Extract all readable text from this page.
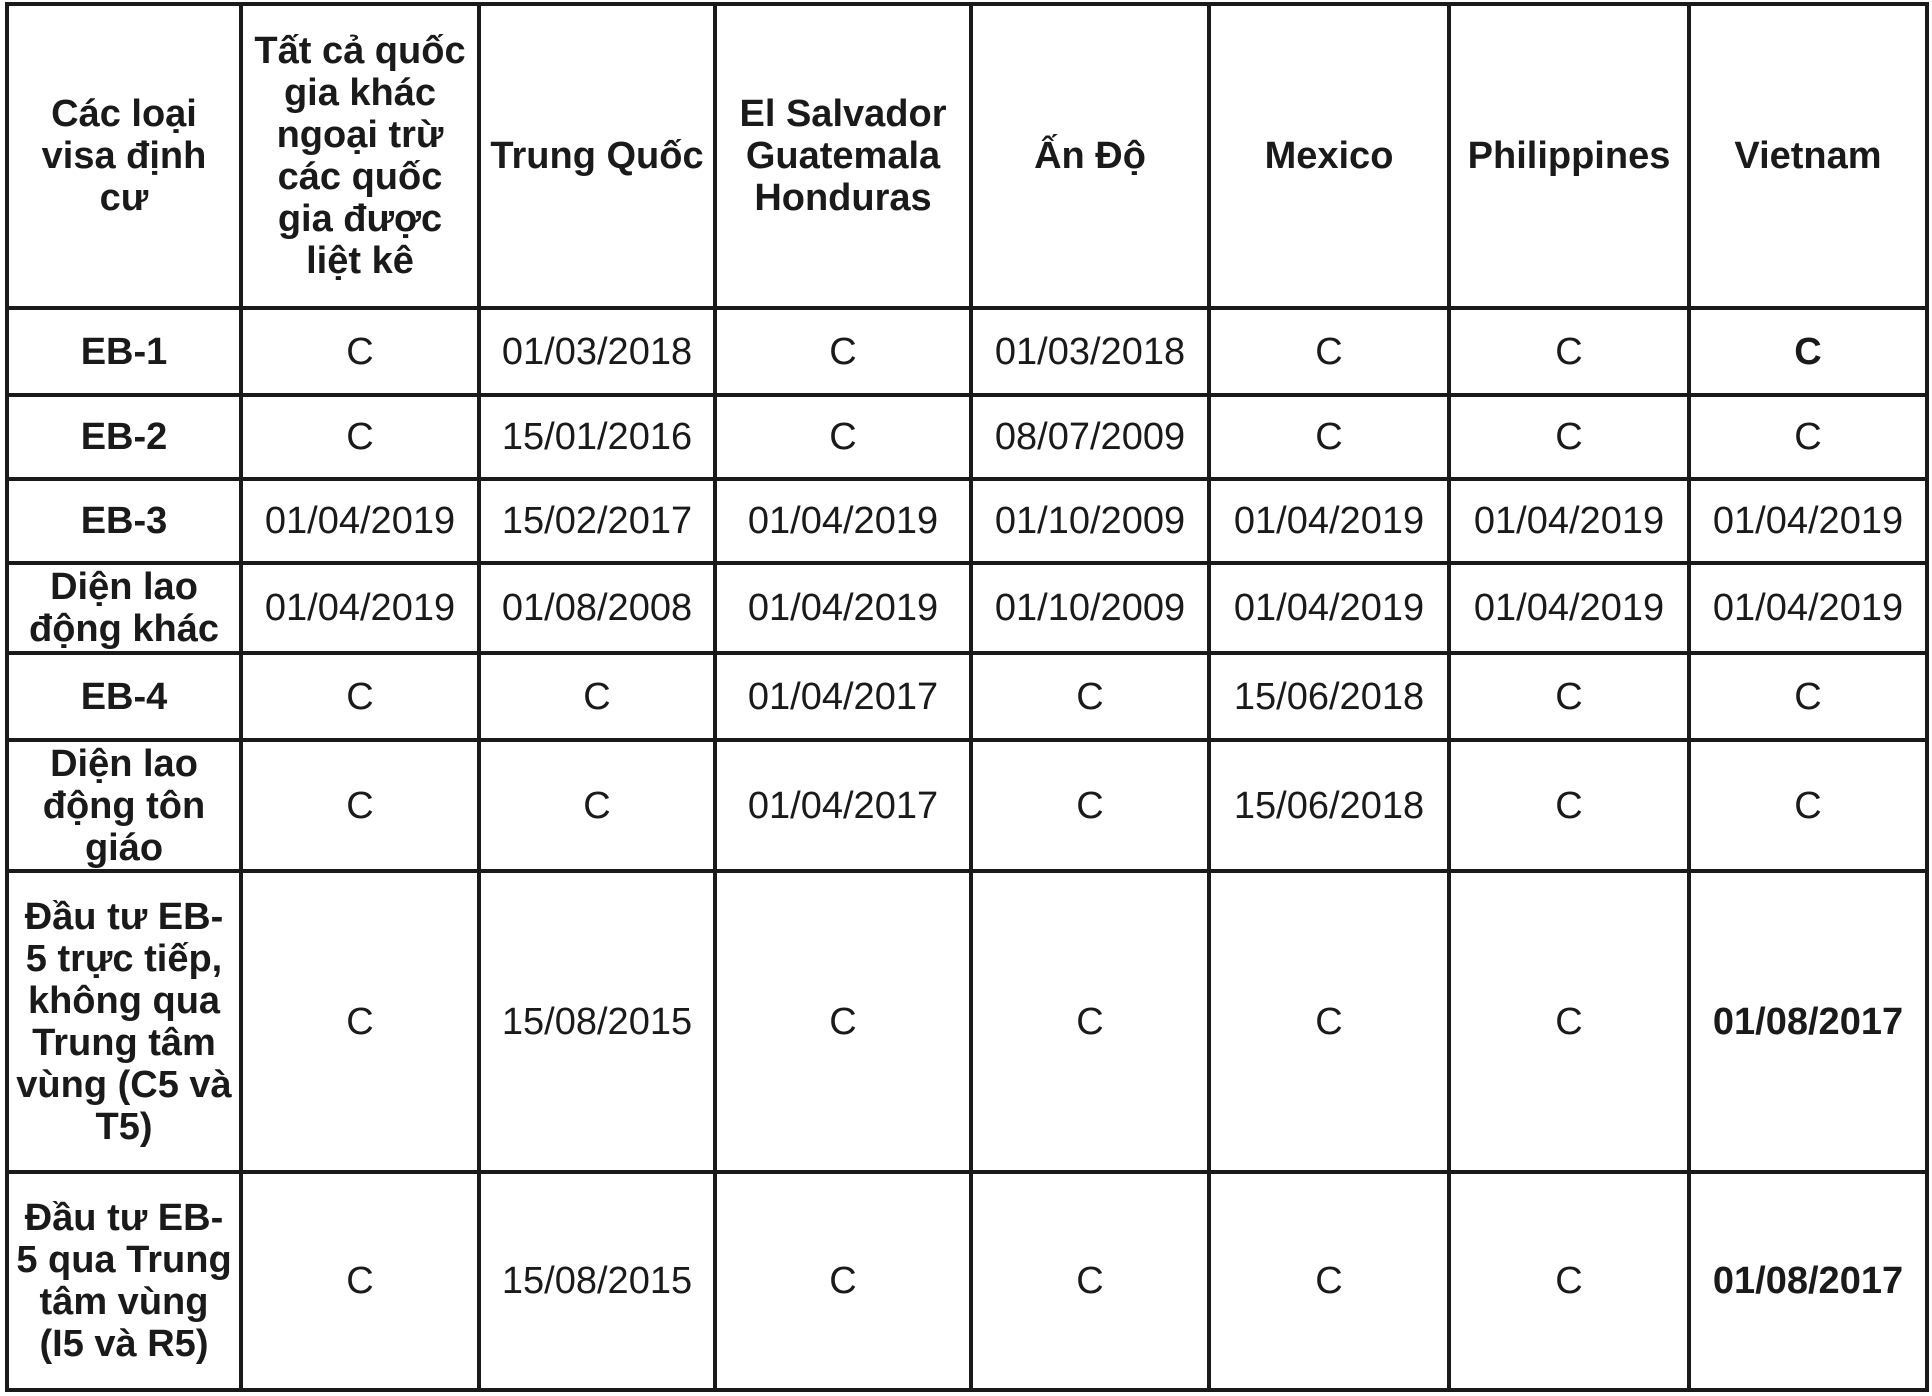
Các loại visa định cư	Tất cả quốc gia khác ngoại trừ các quốc gia được liệt kê	Trung Quốc	El Salvador Guatemala Honduras	Ấn Độ	Mexico	Philippines	Vietnam
EB-1	C	01/03/2018	C	01/03/2018	C	C	C
EB-2	C	15/01/2016	C	08/07/2009	C	C	C
EB-3	01/04/2019	15/02/2017	01/04/2019	01/10/2009	01/04/2019	01/04/2019	01/04/2019
Diện lao động khác	01/04/2019	01/08/2008	01/04/2019	01/10/2009	01/04/2019	01/04/2019	01/04/2019
EB-4	C	C	01/04/2017	C	15/06/2018	C	C
Diện lao động tôn giáo	C	C	01/04/2017	C	15/06/2018	C	C
Đầu tư EB-5 trực tiếp, không qua Trung tâm vùng (C5 và T5)	C	15/08/2015	C	C	C	C	01/08/2017
Đầu tư EB-5 qua Trung tâm vùng (I5 và R5)	C	15/08/2015	C	C	C	C	01/08/2017
